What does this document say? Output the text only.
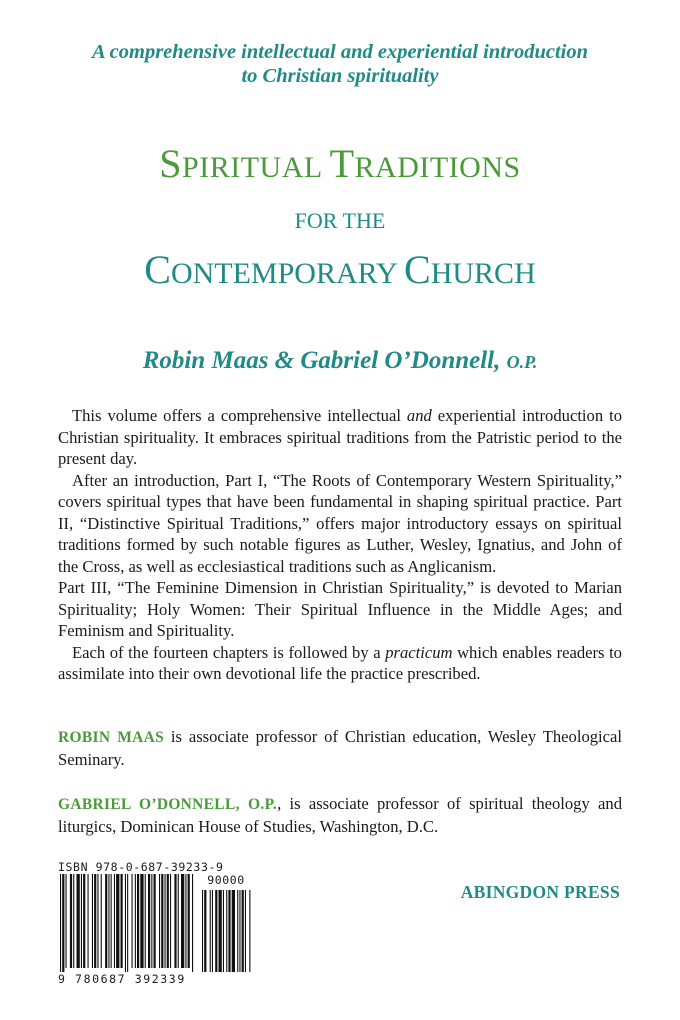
A comprehensive intellectual and experiential introduction
to Christian spirituality
SPIRITUAL TRADITIONS
FOR THE
CONTEMPORARY CHURCH
Robin Maas & Gabriel O’Donnell, O.P.

This volume offers a comprehensive intellectual and experiential introduction to Christian spirituality. It embraces spiritual traditions from the Patristic period to the present day.

After an introduction, Part I, “The Roots of Contemporary Western Spirituality,” covers spiritual types that have been fundamental in shaping spiritual practice. Part II, “Distinctive Spiritual Traditions,” offers major introductory essays on spiritual traditions formed by such notable figures as Luther, Wesley, Ignatius, and John of the Cross, as well as ecclesiastical traditions such as Anglicanism.

Part III, “The Feminine Dimension in Christian Spirituality,” is devoted to Marian Spirituality; Holy Women: Their Spiritual Influence in the Middle Ages; and Feminism and Spirituality.

Each of the fourteen chapters is followed by a practicum which enables readers to assimilate into their own devotional life the practice prescribed.

ROBIN MAAS is associate professor of Christian education, Wesley Theological Seminary.
GABRIEL O’DONNELL, O.P., is associate professor of spiritual theology and liturgics, Dominican House of Studies, Washington, D.C.
ISBN 978-0-687-39233-9
90000
9 780687 392339
ABINGDON PRESS
